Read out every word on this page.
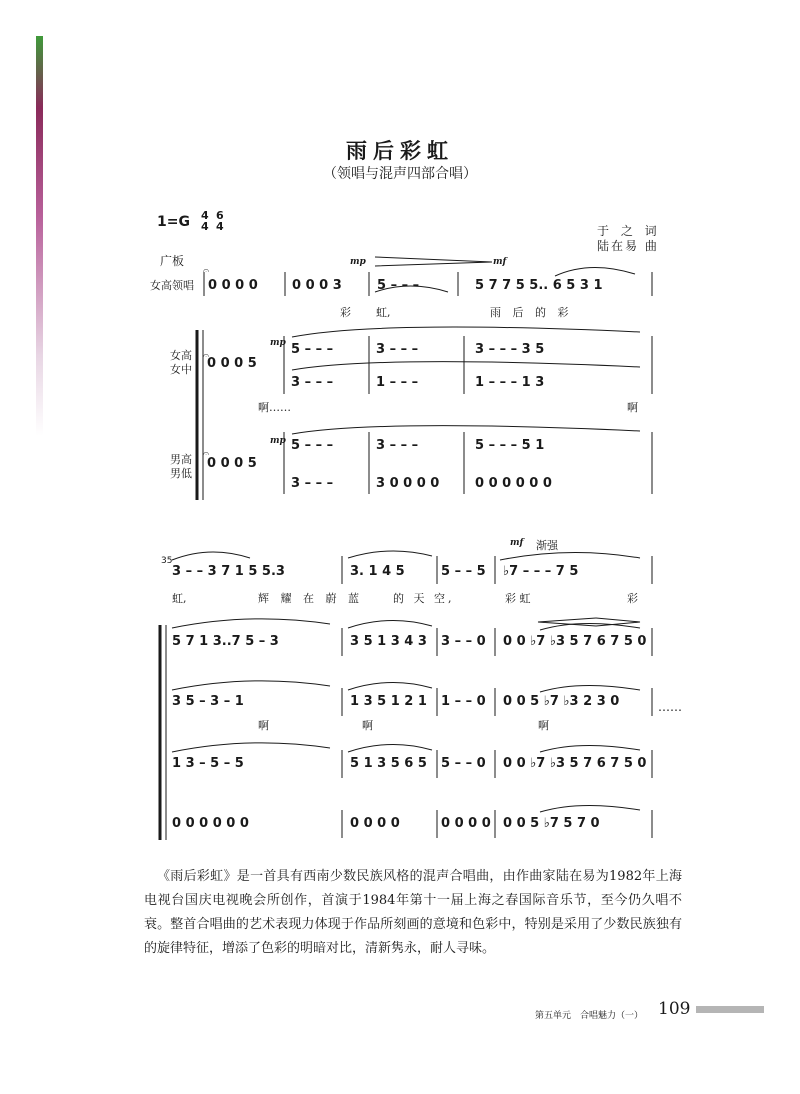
雨后彩虹
（领唱与混声四部合唱）
1=G 4
4
6
4	于 之 词
陆在易 曲
广板
女高领唱
女高
女中
男高
男低
mp	mf
mp
mp
𝄐
𝄐
𝄐
0 0 0 0	0 0 0 3	5 – – –	5 7 7 5 5.. 6 5 3 1
彩 虹,	雨 后 的 彩
0 0 0 5
5 – – –	3 – – –	3 – – – 3 5
3 – – –	1 – – –	1 – – – 1 3
啊……	啊
0 0 0 5
5 – – –	3 – – –	5 – – – 5 1
3 – – –	3 0 0 0 0	0 0 0 0 0 0
35
mf 渐强
3 – – 3 7 1 5 5.3	3. 1 4 5	5 – – 5 ♭7 – – – 7 5
虹,	辉 耀 在 蔚 蓝	的 天 空,	彩 虹	彩
5 7 1 3..7 5 – 3	3 5 1 3 4 3 3 – – 0 0 0 ♭7 ♭3 5 7 6 7 5 0
3 5 – 3 – 1	1 3 5 1 2 1 1 – – 0 0 0 5 ♭7 ♭3 2 3 0
啊	啊	啊
……
1 3 – 5 – 5	5 1 3 5 6 5 5 – – 0 0 0 ♭7 ♭3 5 7 6 7 5 0
0 0 0 0 0 0	0 0 0 0	0 0 0 0 0 0 5 ♭7 5 7 0

《雨后彩虹》是一首具有西南少数民族风格的混声合唱曲，由作曲家陆在易为1982年上海电视台国庆电视晚会所创作，首演于1984年第十一届上海之春国际音乐节，至今仍久唱不衰。整首合唱曲的艺术表现力体现于作品所刻画的意境和色彩中，特别是采用了少数民族独有的旋律特征，增添了色彩的明暗对比，清新隽永，耐人寻味。

第五单元　合唱魅力（一） 109
